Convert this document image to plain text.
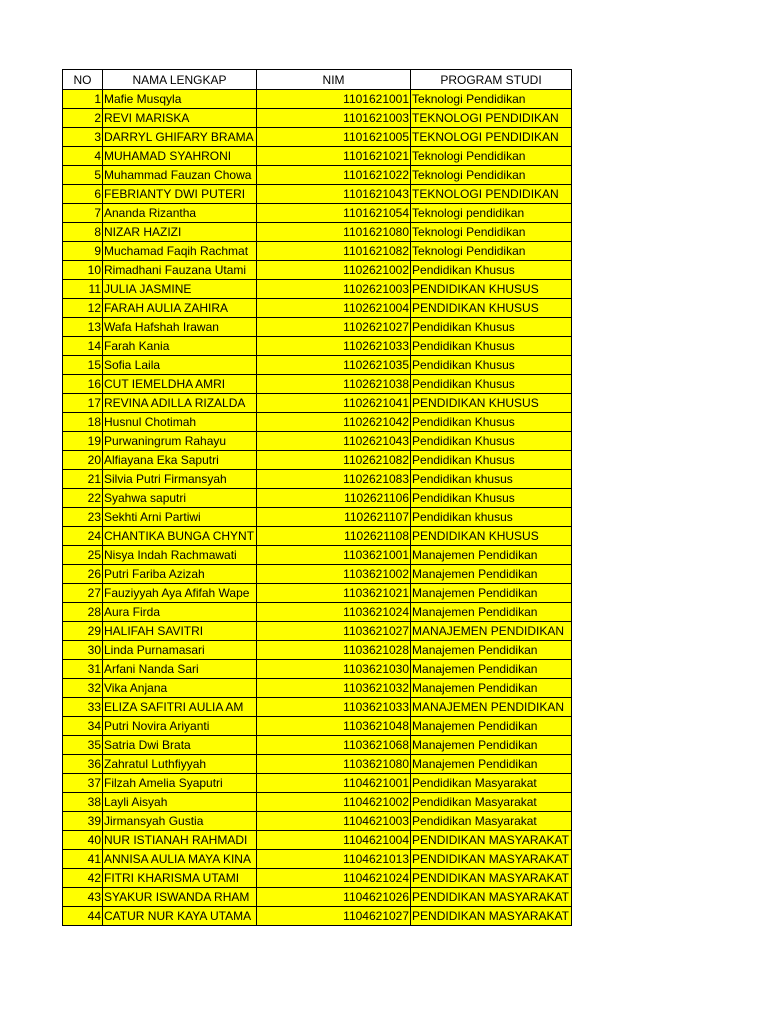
NO	NAMA LENGKAP	NIM	PROGRAM STUDI
1	Mafie Musqyla	1101621001	Teknologi Pendidikan
2	REVI MARISKA	1101621003	TEKNOLOGI PENDIDIKAN
3	DARRYL GHIFARY BRAMA	1101621005	TEKNOLOGI PENDIDIKAN
4	MUHAMAD SYAHRONI	1101621021	Teknologi Pendidikan
5	Muhammad Fauzan Chowa	1101621022	Teknologi Pendidikan
6	FEBRIANTY DWI PUTERI	1101621043	TEKNOLOGI PENDIDIKAN
7	Ananda Rizantha	1101621054	Teknologi pendidikan
8	NIZAR HAZIZI	1101621080	Teknologi Pendidikan
9	Muchamad Faqih Rachmat	1101621082	Teknologi Pendidikan
10	Rimadhani Fauzana Utami	1102621002	Pendidikan Khusus
11	JULIA JASMINE	1102621003	PENDIDIKAN KHUSUS
12	FARAH AULIA ZAHIRA	1102621004	PENDIDIKAN KHUSUS
13	Wafa Hafshah Irawan	1102621027	Pendidikan Khusus
14	Farah Kania	1102621033	Pendidikan Khusus
15	Sofia Laila	1102621035	Pendidikan Khusus
16	CUT IEMELDHA AMRI	1102621038	Pendidikan Khusus
17	REVINA ADILLA RIZALDA	1102621041	PENDIDIKAN KHUSUS
18	Husnul Chotimah	1102621042	Pendidikan Khusus
19	Purwaningrum Rahayu	1102621043	Pendidikan Khusus
20	Alfiayana Eka Saputri	1102621082	Pendidikan Khusus
21	Silvia Putri Firmansyah	1102621083	Pendidikan khusus
22	Syahwa saputri	1102621106	Pendidikan Khusus
23	Sekhti Arni Partiwi	1102621107	Pendidikan khusus
24	CHANTIKA BUNGA CHYNT	1102621108	PENDIDIKAN KHUSUS
25	Nisya Indah Rachmawati	1103621001	Manajemen Pendidikan
26	Putri Fariba Azizah	1103621002	Manajemen Pendidikan
27	Fauziyyah Aya Afifah Wape	1103621021	Manajemen Pendidikan
28	Aura Firda	1103621024	Manajemen Pendidikan
29	HALIFAH SAVITRI	1103621027	MANAJEMEN PENDIDIKAN
30	Linda Purnamasari	1103621028	Manajemen Pendidikan
31	Arfani Nanda Sari	1103621030	Manajemen Pendidikan
32	Vika Anjana	1103621032	Manajemen Pendidikan
33	ELIZA SAFITRI AULIA AM	1103621033	MANAJEMEN PENDIDIKAN
34	Putri Novira Ariyanti	1103621048	Manajemen Pendidikan
35	Satria Dwi Brata	1103621068	Manajemen Pendidikan
36	Zahratul Luthfiyyah	1103621080	Manajemen Pendidikan
37	Filzah Amelia Syaputri	1104621001	Pendidikan Masyarakat
38	Layli Aisyah	1104621002	Pendidikan Masyarakat
39	Jirmansyah Gustia	1104621003	Pendidikan Masyarakat
40	NUR ISTIANAH RAHMADI	1104621004	PENDIDIKAN MASYARAKAT
41	ANNISA AULIA MAYA KINA	1104621013	PENDIDIKAN MASYARAKAT
42	FITRI KHARISMA UTAMI	1104621024	PENDIDIKAN MASYARAKAT
43	SYAKUR ISWANDA RHAM	1104621026	PENDIDIKAN MASYARAKAT
44	CATUR NUR KAYA UTAMA	1104621027	PENDIDIKAN MASYARAKAT
